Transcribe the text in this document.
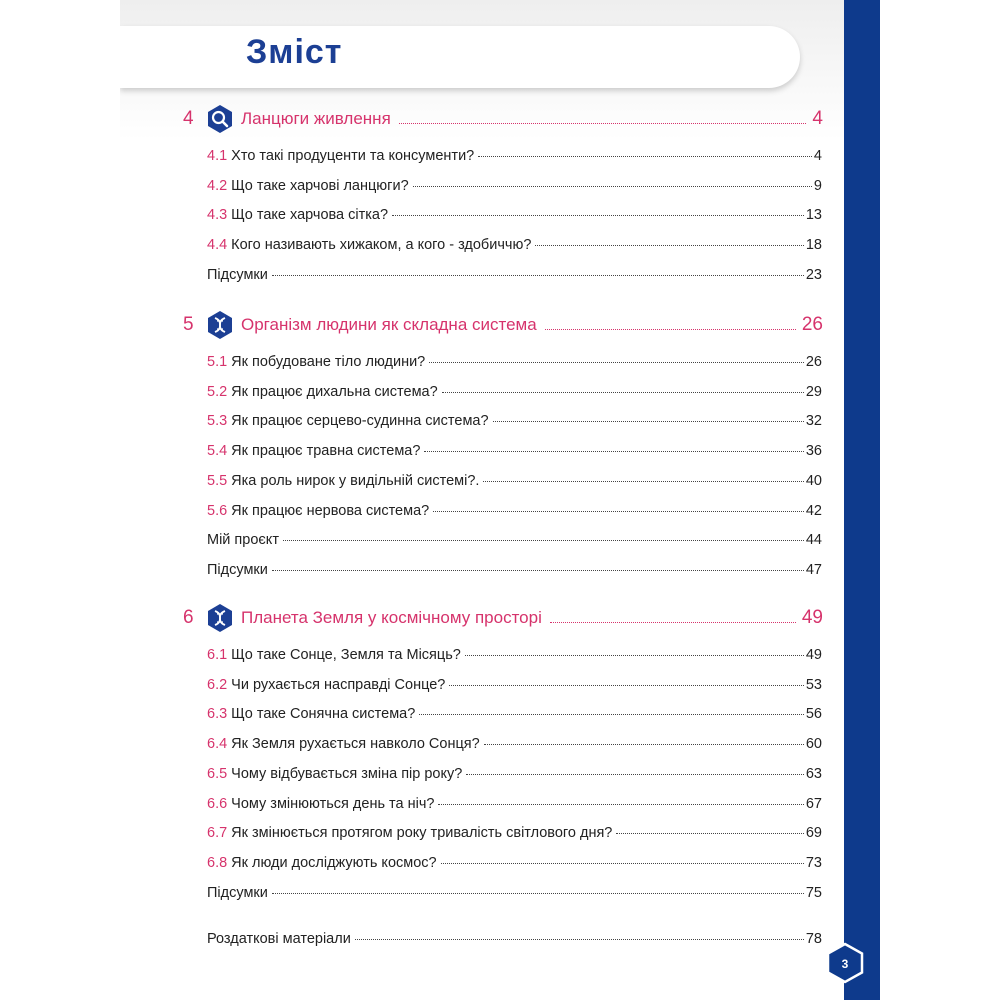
Зміст
4	Ланцюги живлення	4
4.1 Хто такі продуценти та консументи?	4
4.2 Що таке харчові ланцюги?	9
4.3 Що таке харчова сітка?	13
4.4 Кого називають хижаком, а кого - здобиччю?	18
Підсумки	23
5	Організм людини як складна система	26
5.1 Як побудоване тіло людини?	26
5.2 Як працює дихальна система?	29
5.3 Як працює серцево-судинна система?	32
5.4 Як працює травна система?	36
5.5 Яка роль нирок у видільній системі?.	40
5.6 Як працює нервова система?	42
Мій проєкт	44
Підсумки	47
6	Планета Земля у космічному просторі	49
6.1 Що таке Сонце, Земля та Місяць?	49
6.2 Чи рухається насправді Сонце?	53
6.3 Що таке Сонячна система?	56
6.4 Як Земля рухається навколо Сонця?	60
6.5 Чому відбувається зміна пір року?	63
6.6 Чому змінюються день та ніч?	67
6.7 Як змінюється протягом року тривалість світлового дня?	69
6.8 Як люди досліджують космос?	73
Підсумки	75
Роздаткові матеріали	78
3
